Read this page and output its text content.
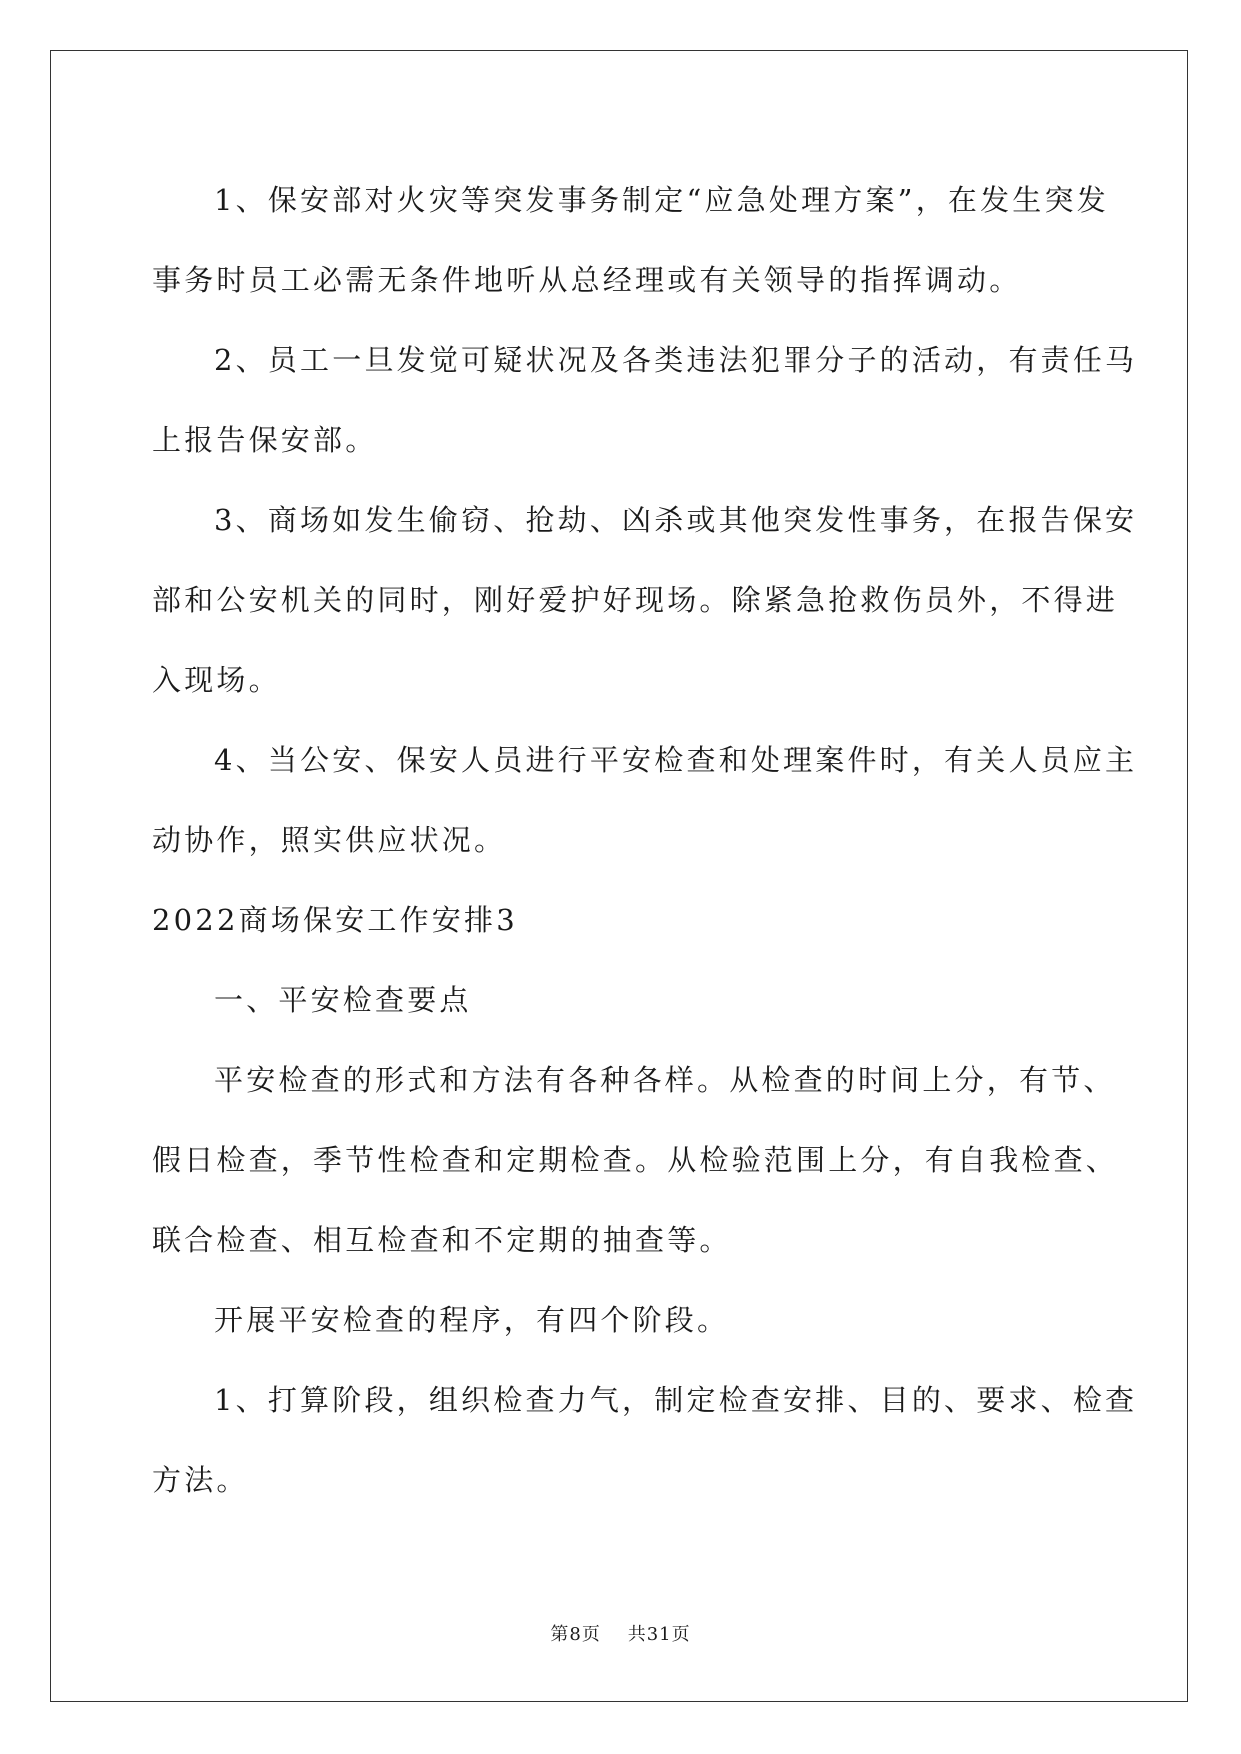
1、保安部对火灾等突发事务制定“应急处理方案”，在发生突发

事务时员工必需无条件地听从总经理或有关领导的指挥调动。

2、员工一旦发觉可疑状况及各类违法犯罪分子的活动，有责任马

上报告保安部。

3、商场如发生偷窃、抢劫、凶杀或其他突发性事务，在报告保安

部和公安机关的同时，刚好爱护好现场。除紧急抢救伤员外，不得进

入现场。

4、当公安、保安人员进行平安检查和处理案件时，有关人员应主

动协作，照实供应状况。

2022商场保安工作安排3

一、平安检查要点

平安检查的形式和方法有各种各样。从检查的时间上分，有节、

假日检查，季节性检查和定期检查。从检验范围上分，有自我检查、

联合检查、相互检查和不定期的抽查等。

开展平安检查的程序，有四个阶段。

1、打算阶段，组织检查力气，制定检查安排、目的、要求、检查

方法。

第8页 共31页
